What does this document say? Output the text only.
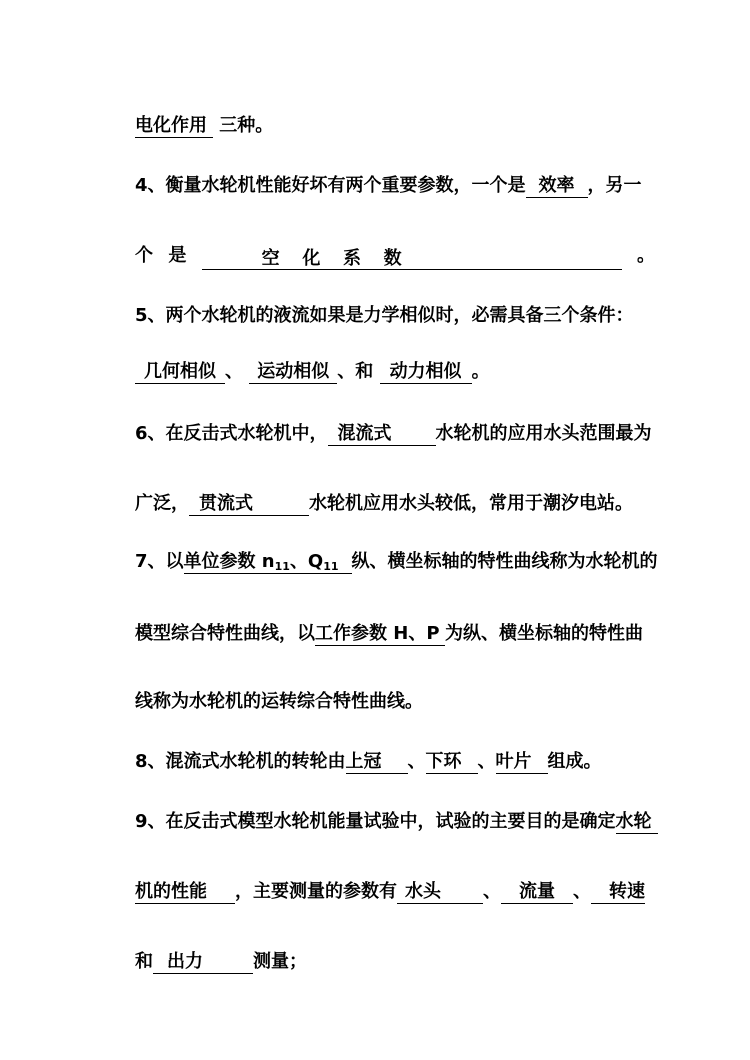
电化作用 三种。
4、衡量水轮机性能好坏有两个重要参数，一个是 效率 ，另一
个 是	空 化 系 数	。
5、两个水轮机的液流如果是力学相似时，必需具备三个条件：
几何相似 、 运动相似 、和 动力相似 。
6、在反击式水轮机中， 混流式 水轮机的应用水头范围最为
广泛， 贯流式	水轮机应用水头较低，常用于潮汐电站。
7、以单位参数 $n_{11}$、$Q_{11}$ 纵、横坐标轴的特性曲线称为水轮机的
模型综合特性曲线，以工作参数 H、P 为纵、横坐标轴的特性曲
线称为水轮机的运转综合特性曲线。
8、混流式水轮机的转轮由上冠 、下环 、叶片 组成。
9、在反击式模型水轮机能量试验中，试验的主要目的是确定水轮
机的性能 ，主要测量的参数有 水头 、 流量 、 转速
和 出力	测量；
